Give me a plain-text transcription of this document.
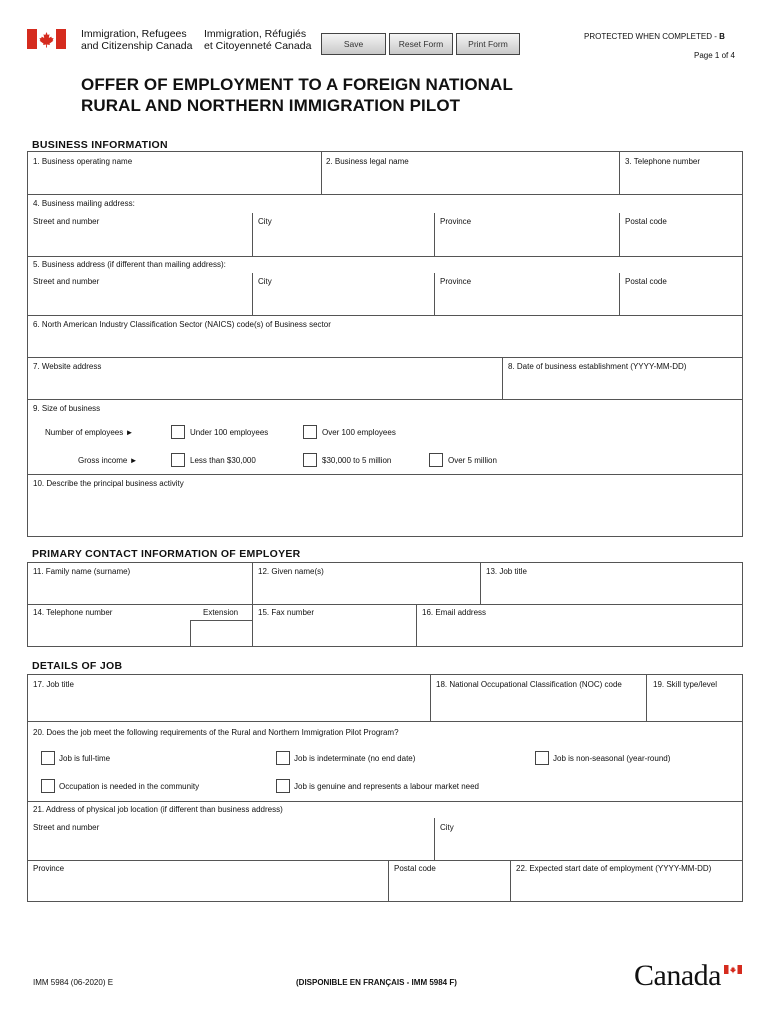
Immigration, Refugees
and Citizenship Canada
Immigration, Réfugiés
et Citoyenneté Canada	Save	Reset Form	Print Form
PROTECTED WHEN COMPLETED - B
Page 1 of 4
OFFER OF EMPLOYMENT TO A FOREIGN NATIONAL
RURAL AND NORTHERN IMMIGRATION PILOT
BUSINESS INFORMATION
1. Business operating name	2. Business legal name	3. Telephone number
4. Business mailing address:
Street and number	City	Province	Postal code
5. Business address (if different than mailing address):
Street and number	City	Province	Postal code
6. North American Industry Classification Sector (NAICS) code(s) of Business sector
7. Website address	8. Date of business establishment (YYYY-MM-DD)
9. Size of business
Number of employees ►	Under 100 employees	Over 100 employees
Gross income ►	Less than $30,000	$30,000 to 5 million	Over 5 million
10. Describe the principal business activity
PRIMARY CONTACT INFORMATION OF EMPLOYER
11. Family name (surname)	12. Given name(s)	13. Job title
14. Telephone number	Extension 15. Fax number	16. Email address
DETAILS OF JOB
17. Job title	18. National Occupational Classification (NOC) code	19. Skill type/level
20. Does the job meet the following requirements of the Rural and Northern Immigration Pilot Program?
Job is full-time	Job is indeterminate (no end date)	Job is non-seasonal (year-round)
Occupation is needed in the community	Job is genuine and represents a labour market need
21. Address of physical job location (if different than business address)
Street and number	City
Province	Postal code	22. Expected start date of employment (YYYY-MM-DD)
IMM 5984 (06-2020) E	(DISPONIBLE EN FRANÇAIS - IMM 5984 F)	Canada
